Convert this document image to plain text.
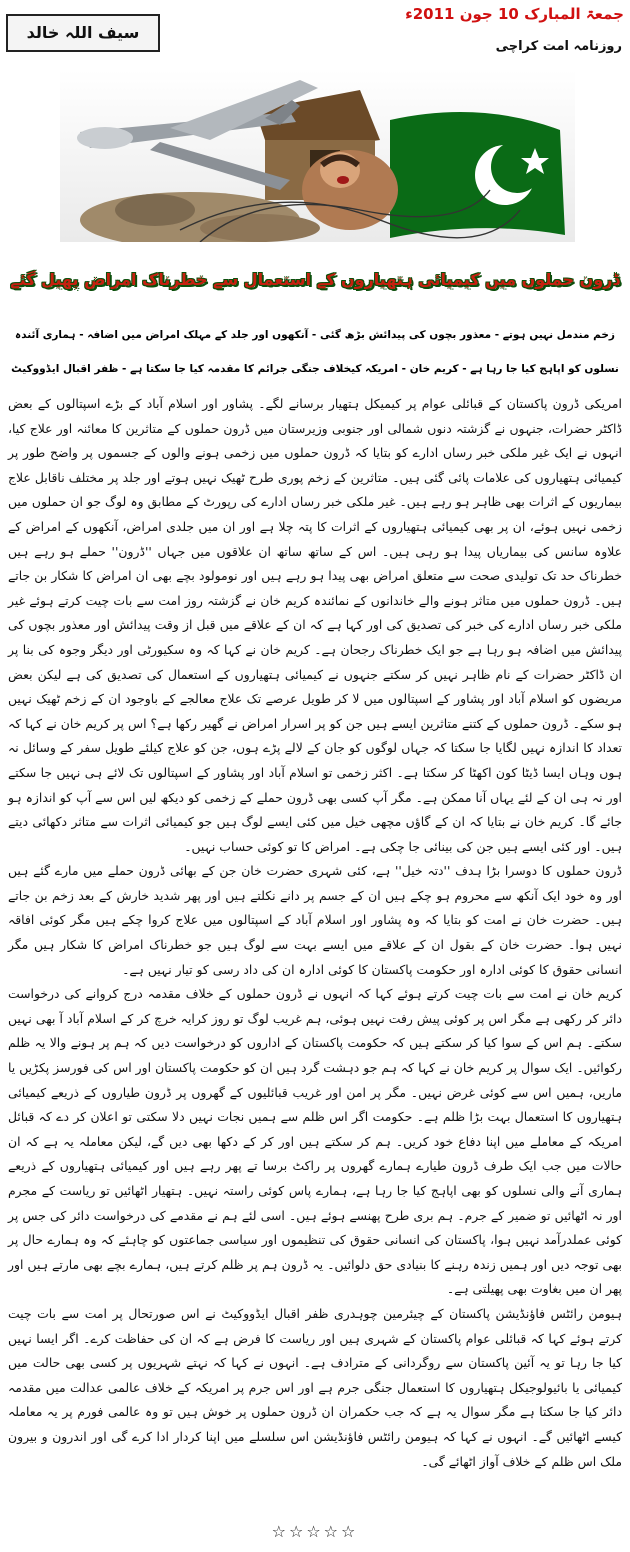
جمعۃ المبارک 10 جون 2011ء
سیف اللہ خالد
روزنامہ امت کراچی
ڈرون حملوں میں کیمیائی ہتھیاروں کے استعمال سے خطرناک امراض پھیل گئے
زخم مندمل نہیں ہوتے - معذور بچوں کی پیدائش بڑھ گئی - آنکھوں اور جلد کے مہلک امراض میں اضافہ - ہماری آئندہ
نسلوں کو اپاہج کیا جا رہا ہے - کریم خان - امریکہ کیخلاف جنگی جرائم کا مقدمہ کیا جا سکتا ہے - ظفر اقبال ایڈووکیٹ

امریکی ڈرون پاکستان کے قبائلی عوام پر کیمیکل ہتھیار برسانے لگے۔ پشاور اور اسلام آباد کے بڑے اسپتالوں کے بعض ڈاکٹر حضرات، جنہوں نے گزشتہ دنوں شمالی اور جنوبی وزیرستان میں ڈرون حملوں کے متاثرین کا معائنہ اور علاج کیا، انہوں نے ایک غیر ملکی خبر رساں ادارے کو بتایا کہ ڈرون حملوں میں زخمی ہونے والوں کے جسموں پر واضح طور پر کیمیائی ہتھیاروں کی علامات پائی گئی ہیں۔ متاثرین کے زخم پوری طرح ٹھیک نہیں ہوتے اور جلد پر مختلف ناقابل علاج بیماریوں کے اثرات بھی ظاہر ہو رہے ہیں۔ غیر ملکی خبر رساں ادارے کی رپورٹ کے مطابق وہ لوگ جو ان حملوں میں زخمی نہیں ہوئے، ان پر بھی کیمیائی ہتھیاروں کے اثرات کا پتہ چلا ہے اور ان میں جلدی امراض، آنکھوں کے امراض کے علاوہ سانس کی بیماریاں پیدا ہو رہی ہیں۔ اس کے ساتھ ساتھ ان علاقوں میں جہاں ''ڈرون'' حملے ہو رہے ہیں خطرناک حد تک تولیدی صحت سے متعلق امراض بھی پیدا ہو رہے ہیں اور نومولود بچے بھی ان امراض کا شکار بن جاتے ہیں۔ ڈرون حملوں میں متاثر ہونے والے خاندانوں کے نمائندہ کریم خان نے گزشتہ روز امت سے بات چیت کرتے ہوئے غیر ملکی خبر رساں ادارے کی خبر کی تصدیق کی اور کہا ہے کہ ان کے علاقے میں قبل از وقت پیدائش اور معذور بچوں کی پیدائش میں اضافہ ہو رہا ہے جو ایک خطرناک رجحان ہے۔ کریم خان نے کہا کہ وہ سکیورٹی اور دیگر وجوہ کی بنا پر ان ڈاکٹر حضرات کے نام ظاہر نہیں کر سکتے جنہوں نے کیمیائی ہتھیاروں کے استعمال کی تصدیق کی ہے لیکن بعض مریضوں کو اسلام آباد اور پشاور کے اسپتالوں میں لا کر طویل عرصے تک علاج معالجے کے باوجود ان کے زخم ٹھیک نہیں ہو سکے۔ ڈرون حملوں کے کتنے متاثرین ایسے ہیں جن کو پر اسرار امراض نے گھیر رکھا ہے؟ اس پر کریم خان نے کہا کہ تعداد کا اندازہ نہیں لگایا جا سکتا کہ جہاں لوگوں کو جان کے لالے پڑے ہوں، جن کو علاج کیلئے طویل سفر کے وسائل نہ ہوں وہاں ایسا ڈیٹا کون اکھٹا کر سکتا ہے۔ اکثر زخمی تو اسلام آباد اور پشاور کے اسپتالوں تک لائے ہی نہیں جا سکتے اور نہ ہی ان کے لئے یہاں آنا ممکن ہے۔ مگر آپ کسی بھی ڈرون حملے کے زخمی کو دیکھ لیں اس سے آپ کو اندازہ ہو جائے گا۔ کریم خان نے بتایا کہ ان کے گاؤں مچھی خیل میں کئی ایسے لوگ ہیں جو کیمیائی اثرات سے متاثر دکھائی دیتے ہیں۔ اور کئی ایسے ہیں جن کی بینائی جا چکی ہے۔ امراض کا تو کوئی حساب نہیں۔

ڈرون حملوں کا دوسرا بڑا ہدف ''دتہ خیل'' ہے، کئی شہری حضرت خان جن کے بھائی ڈرون حملے میں مارے گئے ہیں اور وہ خود ایک آنکھ سے محروم ہو چکے ہیں ان کے جسم پر دانے نکلتے ہیں اور پھر شدید خارش کے بعد زخم بن جاتے ہیں۔ حضرت خان نے امت کو بتایا کہ وہ پشاور اور اسلام آباد کے اسپتالوں میں علاج کروا چکے ہیں مگر کوئی افاقہ نہیں ہوا۔ حضرت خان کے بقول ان کے علاقے میں ایسے بہت سے لوگ ہیں جو خطرناک امراض کا شکار ہیں مگر انسانی حقوق کا کوئی ادارہ اور حکومت پاکستان کا کوئی ادارہ ان کی داد رسی کو تیار نہیں ہے۔

کریم خان نے امت سے بات چیت کرتے ہوئے کہا کہ انہوں نے ڈرون حملوں کے خلاف مقدمہ درج کروانے کی درخواست دائر کر رکھی ہے مگر اس پر کوئی پیش رفت نہیں ہوئی، ہم غریب لوگ تو روز کرایہ خرچ کر کے اسلام آباد آ بھی نہیں سکتے۔ ہم اس کے سوا کیا کر سکتے ہیں کہ حکومت پاکستان کے اداروں کو درخواست دیں کہ ہم پر ہونے والا یہ ظلم رکوائیں۔ ایک سوال پر کریم خان نے کہا کہ ہم جو دہشت گرد ہیں ان کو حکومت پاکستان اور اس کی فورسز پکڑیں یا ماریں، ہمیں اس سے کوئی غرض نہیں۔ مگر پر امن اور غریب قبائلیوں کے گھروں پر ڈرون طیاروں کے ذریعے کیمیائی ہتھیاروں کا استعمال بہت بڑا ظلم ہے۔ حکومت اگر اس ظلم سے ہمیں نجات نہیں دلا سکتی تو اعلان کر دے کہ قبائل امریکہ کے معاملے میں اپنا دفاع خود کریں۔ ہم کر سکتے ہیں اور کر کے دکھا بھی دیں گے، لیکن معاملہ یہ ہے کہ ان حالات میں جب ایک طرف ڈرون طیارے ہمارے گھروں پر راکٹ برسا تے پھر رہے ہیں اور کیمیائی ہتھیاروں کے ذریعے ہماری آنے والی نسلوں کو بھی اپاہج کیا جا رہا ہے، ہمارے پاس کوئی راستہ نہیں۔ ہتھیار اٹھائیں تو ریاست کے مجرم اور نہ اٹھائیں تو ضمیر کے جرم۔ ہم بری طرح پھنسے ہوئے ہیں۔ اسی لئے ہم نے مقدمے کی درخواست دائر کی جس پر کوئی عملدرآمد نہیں ہوا، پاکستان کی انسانی حقوق کی تنظیموں اور سیاسی جماعتوں کو چاہئے کہ وہ ہمارے حال پر بھی توجہ دیں اور ہمیں زندہ رہنے کا بنیادی حق دلوائیں۔ یہ ڈرون ہم پر ظلم کرتے ہیں، ہمارے بچے بھی مارتے ہیں اور پھر ان میں بغاوت بھی پھیلتی ہے۔

ہیومن رائٹس فاؤنڈیشن پاکستان کے چیئرمین چوہدری ظفر اقبال ایڈووکیٹ نے اس صورتحال پر امت سے بات چیت کرتے ہوئے کہا کہ قبائلی عوام پاکستان کے شہری ہیں اور ریاست کا فرض ہے کہ ان کی حفاظت کرے۔ اگر ایسا نہیں کیا جا رہا تو یہ آئین پاکستان سے روگردانی کے مترادف ہے۔ انہوں نے کہا کہ نہتے شہریوں پر کسی بھی حالت میں کیمیائی یا بائیولوجیکل ہتھیاروں کا استعمال جنگی جرم ہے اور اس جرم پر امریکہ کے خلاف عالمی عدالت میں مقدمہ دائر کیا جا سکتا ہے مگر سوال یہ ہے کہ جب حکمران ان ڈرون حملوں پر خوش ہیں تو وہ عالمی فورم پر یہ معاملہ کیسے اٹھائیں گے۔ انہوں نے کہا کہ ہیومن رائٹس فاؤنڈیشن اس سلسلے میں اپنا کردار ادا کرے گی اور اندرون و بیرون ملک اس ظلم کے خلاف آواز اٹھائے گی۔

☆☆☆☆☆
